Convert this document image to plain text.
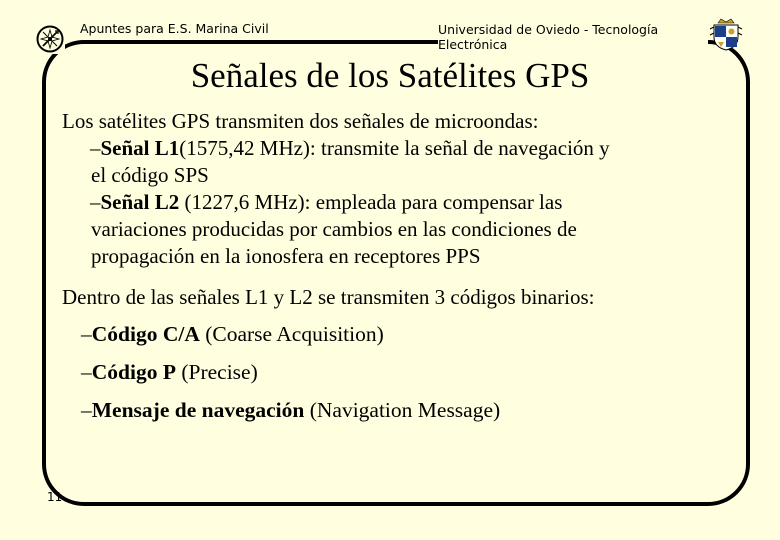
Apuntes para E.S. Marina Civil	Universidad de Oviedo - Tecnología Electrónica
Señales de los Satélites GPS

Los satélites GPS transmiten dos señales de microondas:

–Señal L1(1575,42 MHz): transmite la señal de navegación y

el código SPS

–Señal L2 (1227,6 MHz): empleada para compensar las

variaciones producidas por cambios en las condiciones de

propagación en la ionosfera en receptores PPS

Dentro de las señales L1 y L2 se transmiten 3 códigos binarios:

–Código C/A (Coarse Acquisition)

–Código P (Precise)

–Mensaje de navegación (Navigation Message)

11
